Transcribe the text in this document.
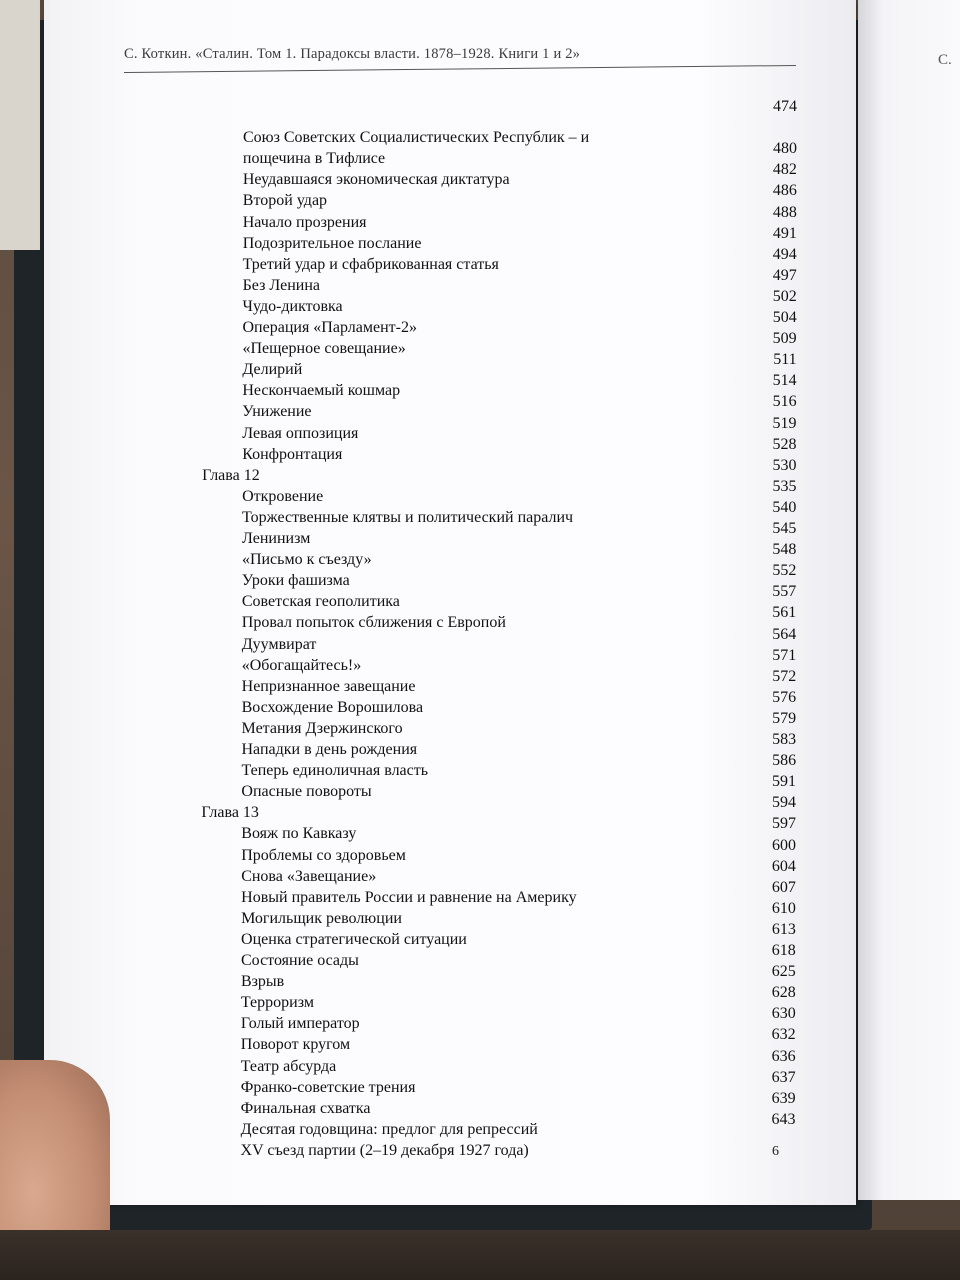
С.
С. Коткин. «Сталин. Том 1. Парадоксы власти. 1878–1928. Книги 1 и 2»
474
Союз Советских Социалистических Республик – и
пощечина в Тифлисе
480
Неудавшаяся экономическая диктатура
482
Второй удар
486
Начало прозрения
488
Подозрительное послание
491
Третий удар и сфабрикованная статья
494
Без Ленина
497
Чудо-диктовка
502
Операция «Парламент-2»
504
«Пещерное совещание»
509
Делирий
511
Нескончаемый кошмар
514
Унижение
516
Левая оппозиция
519
Конфронтация
528
Глава 12
530
Откровение
535
Торжественные клятвы и политический паралич
540
Ленинизм
545
«Письмо к съезду»
548
Уроки фашизма
552
Советская геополитика
557
Провал попыток сближения с Европой
561
Дуумвират
564
«Обогащайтесь!»
571
Непризнанное завещание
572
Восхождение Ворошилова
576
Метания Дзержинского
579
Нападки в день рождения
583
Теперь единоличная власть
586
Опасные повороты
591
Глава 13
594
Вояж по Кавказу
597
Проблемы со здоровьем
600
Снова «Завещание»
604
Новый правитель России и равнение на Америку
607
Могильщик революции
610
Оценка стратегической ситуации
613
Состояние осады
618
Взрыв
625
Терроризм
628
Голый император
630
Поворот кругом
632
Театр абсурда
636
Франко-советские трения
637
Финальная схватка
639
Десятая годовщина: предлог для репрессий
643
XV съезд партии (2–19 декабря 1927 года)	6
